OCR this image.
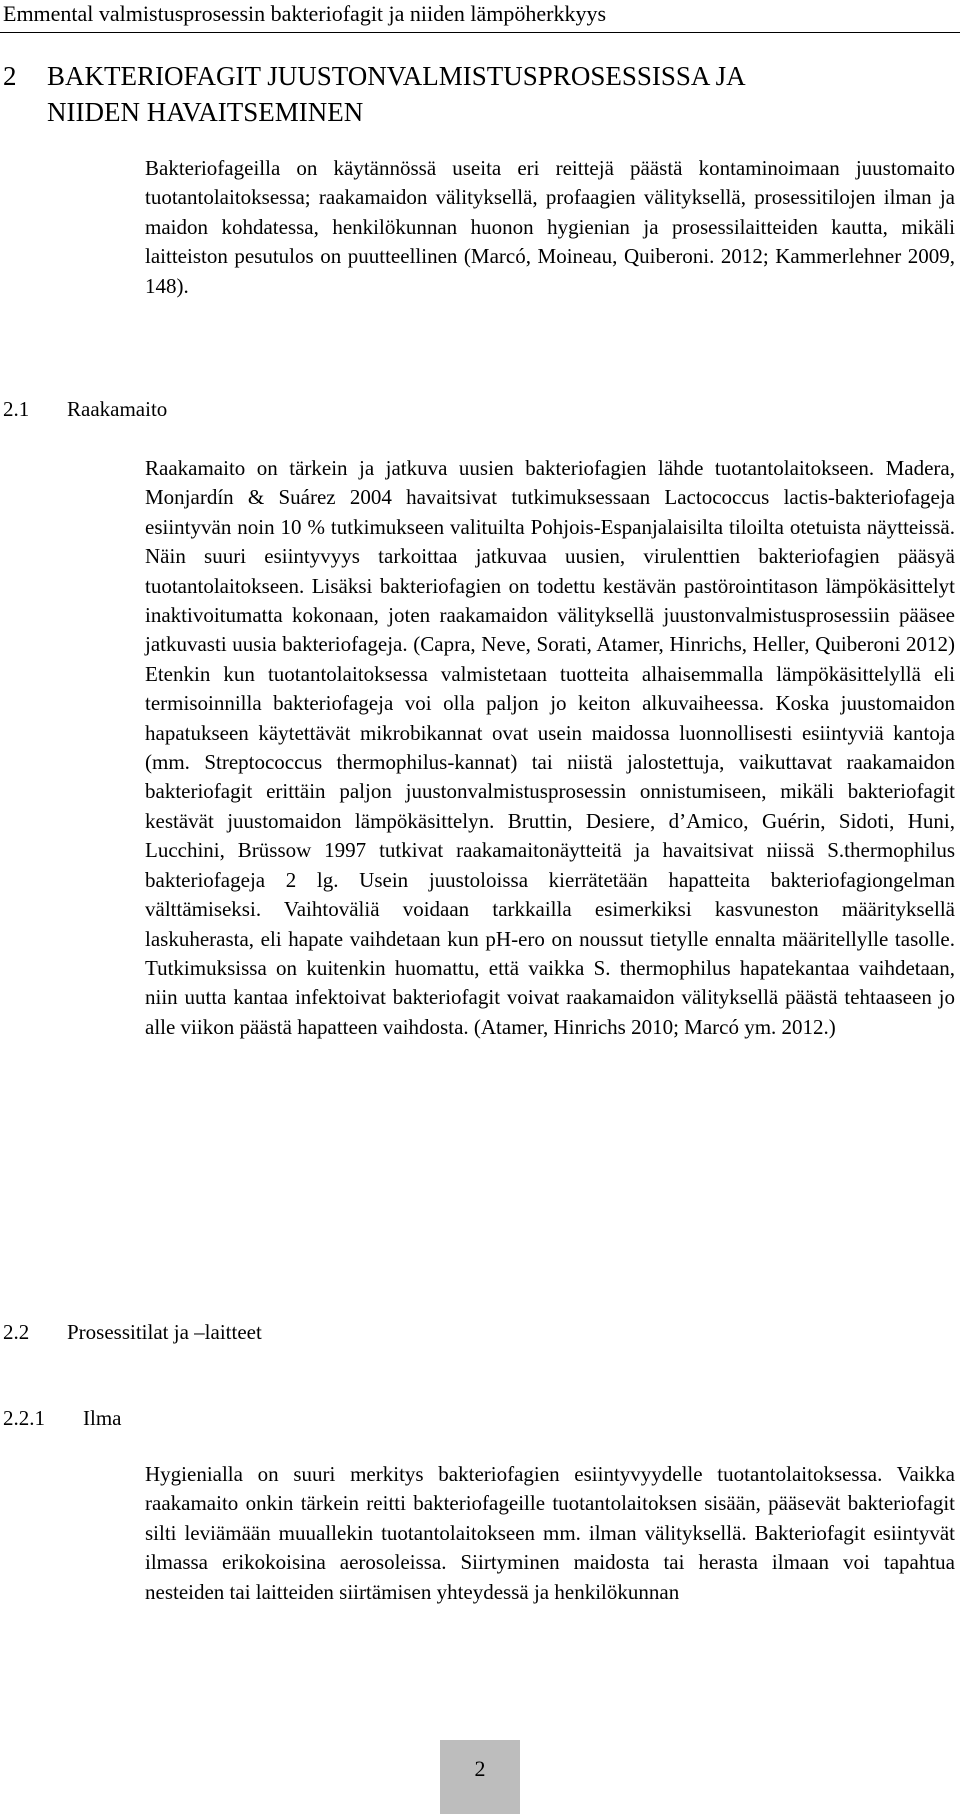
Emmental valmistusprosessin bakteriofagit ja niiden lämpöherkkyys
2 BAKTERIOFAGIT JUUSTONVALMISTUSPROSESSISSA JA
NIIDEN HAVAITSEMINEN

Bakteriofageilla on käytännössä useita eri reittejä päästä kontaminoimaan juustomaito tuotantolaitoksessa; raakamaidon välityksellä, profaagien välityksellä, prosessitilojen ilman ja maidon kohdatessa, henkilökunnan huonon hygienian ja prosessilaitteiden kautta, mikäli laitteiston pesutulos on puutteellinen (Marcó, Moineau, Quiberoni. 2012; Kammerlehner 2009, 148).

2.1 Raakamaito

Raakamaito on tärkein ja jatkuva uusien bakteriofagien lähde tuotantolaitokseen. Madera, Monjardín & Suárez 2004 havaitsivat tutkimuksessaan Lactococcus lactis-bakteriofageja esiintyvän noin 10 % tutkimukseen valituilta Pohjois-Espanjalaisilta tiloilta otetuista näytteissä. Näin suuri esiintyvyys tarkoittaa jatkuvaa uusien, virulenttien bakteriofagien pääsyä tuotantolaitokseen. Lisäksi bakteriofagien on todettu kestävän pastörointitason lämpökäsittelyt inaktivoitumatta kokonaan, joten raakamaidon välityksellä juustonvalmistusprosessiin pääsee jatkuvasti uusia bakteriofageja. (Capra, Neve, Sorati, Atamer, Hinrichs, Heller, Quiberoni 2012) Etenkin kun tuotantolaitoksessa valmistetaan tuotteita alhaisemmalla lämpökäsittelyllä eli termisoinnilla bakteriofageja voi olla paljon jo keiton alkuvaiheessa. Koska juustomaidon hapatukseen käytettävät mikrobikannat ovat usein maidossa luonnollisesti esiintyviä kantoja (mm. Streptococcus thermophilus-kannat) tai niistä jalostettuja, vaikuttavat raakamaidon bakteriofagit erittäin paljon juustonvalmistusprosessin onnistumiseen, mikäli bakteriofagit kestävät juustomaidon lämpökäsittelyn. Bruttin, Desiere, d’Amico, Guérin, Sidoti, Huni, Lucchini, Brüssow 1997 tutkivat raakamaitonäytteitä ja havaitsivat niissä S.thermophilus bakteriofageja 2 lg. Usein juustoloissa kierrätetään hapatteita bakteriofagiongelman välttämiseksi. Vaihtoväliä voidaan tarkkailla esimerkiksi kasvuneston määrityksellä laskuherasta, eli hapate vaihdetaan kun pH-ero on noussut tietylle ennalta määritellylle tasolle. Tutkimuksissa on kuitenkin huomattu, että vaikka S. thermophilus hapatekantaa vaihdetaan, niin uutta kantaa infektoivat bakteriofagit voivat raakamaidon välityksellä päästä tehtaaseen jo alle viikon päästä hapatteen vaihdosta. (Atamer, Hinrichs 2010; Marcó ym. 2012.)

2.2 Prosessitilat ja –laitteet
2.2.1 Ilma

Hygienialla on suuri merkitys bakteriofagien esiintyvyydelle tuotantolaitoksessa. Vaikka raakamaito onkin tärkein reitti bakteriofageille tuotantolaitoksen sisään, pääsevät bakteriofagit silti leviämään muuallekin tuotantolaitokseen mm. ilman välityksellä. Bakteriofagit esiintyvät ilmassa erikokoisina aerosoleissa. Siirtyminen maidosta tai herasta ilmaan voi tapahtua nesteiden tai laitteiden siirtämisen yhteydessä ja henkilökunnan

2
